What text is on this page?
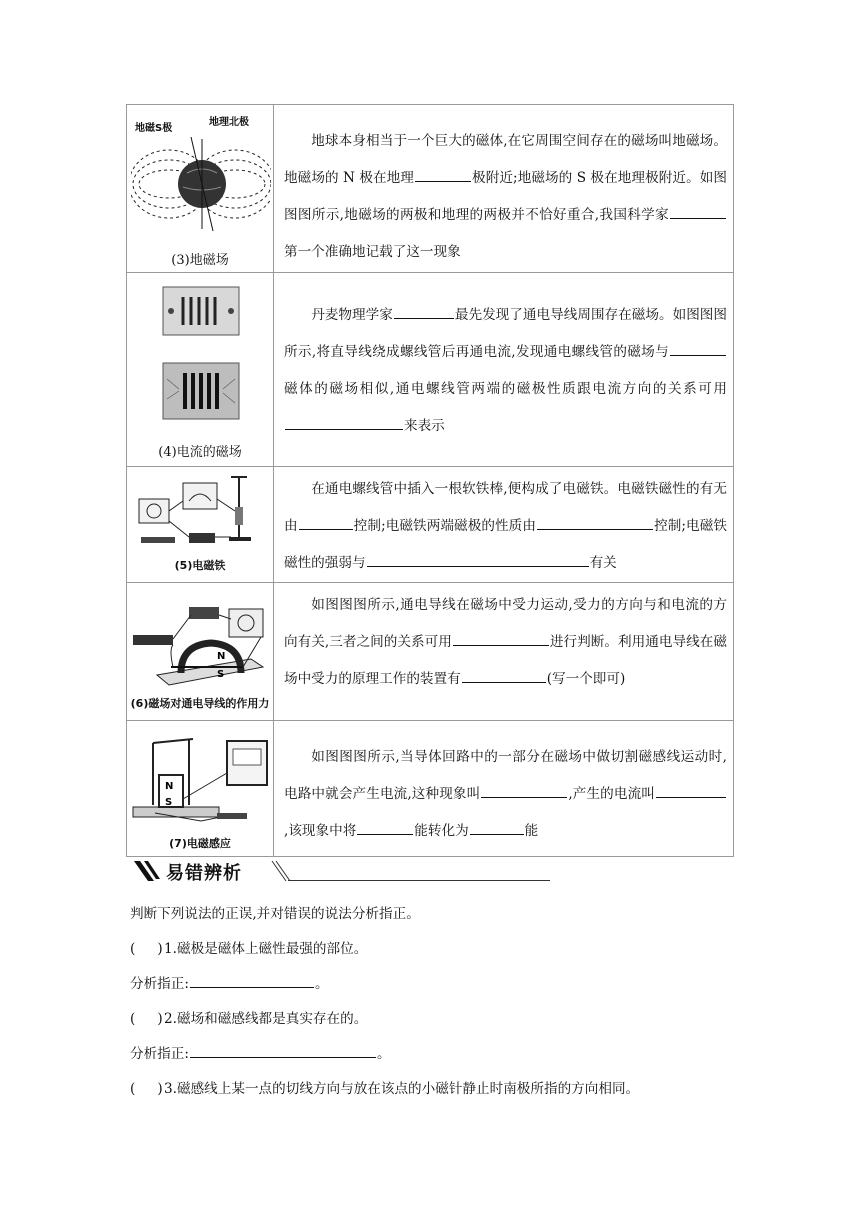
地磁S极
地理北极
(3)地磁场	地球本身相当于一个巨大的磁体,在它周围空间存在的磁场叫地磁场。地磁场的 N 极在地理 极附近;地磁场的 S 极在地理极附近。如图图图所示,地磁场的两极和地理的两极并不恰好重合,我国科学家第一个准确地记载了这一现象

(4)电流的磁场	丹麦物理学家 最先发现了通电导线周围存在磁场。如图图图所示,将直导线绕成螺线管后再通电流,发现通电螺线管的磁场与磁体的磁场相似,通电螺线管两端的磁极性质跟电流方向的关系可用来表示

(5)电磁铁	在通电螺线管中插入一根软铁棒,便构成了电磁铁。电磁铁磁性的有无由 控制;电磁铁两端磁极的性质由 控制;电磁铁磁性的强弱与 有关

N
S
(6)磁场对通电导线的作用力	如图图图所示,通电导线在磁场中受力运动,受力的方向与和电流的方向有关,三者之间的关系可用 进行判断。利用通电导线在磁场中受力的原理工作的装置有 (写一个即可)

N
S
(7)电磁感应	如图图图所示,当导体回路中的一部分在磁场中做切割磁感线运动时,电路中就会产生电流,这种现象叫 ,产生的电流叫,该现象中将 能转化为 能

易错辨析
判断下列说法的正误,并对错误的说法分析指正。
( )1.磁极是磁体上磁性最强的部位。
分析指正:	。
( )2.磁场和磁感线都是真实存在的。
分析指正:	。
( )3.磁感线上某一点的切线方向与放在该点的小磁针静止时南极所指的方向相同。
